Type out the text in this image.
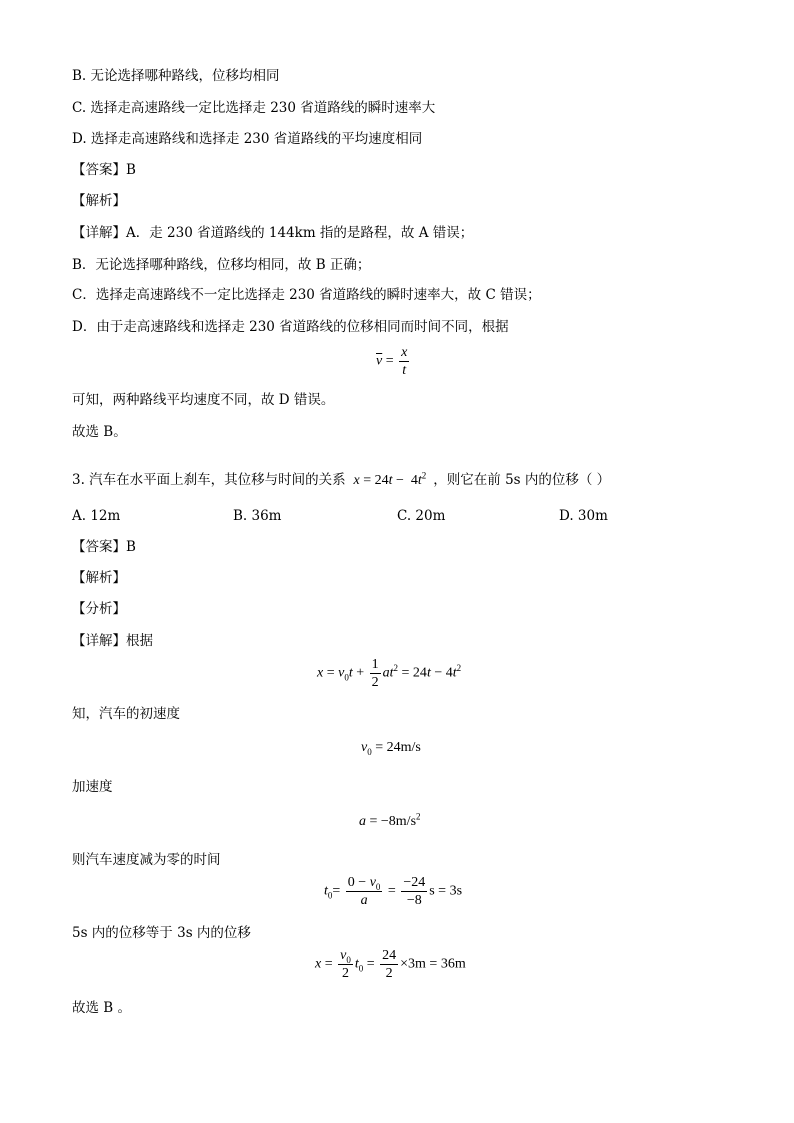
B. 无论选择哪种路线，位移均相同
C. 选择走高速路线一定比选择走 230 省道路线的瞬时速率大
D. 选择走高速路线和选择走 230 省道路线的平均速度相同
【答案】B
【解析】
【详解】A．走 230 省道路线的 144km 指的是路程，故 A 错误；
B．无论选择哪种路线，位移均相同，故 B 正确；
C．选择走高速路线不一定比选择走 230 省道路线的瞬时速率大，故 C 错误；
D．由于走高速路线和选择走 230 省道路线的位移相同而时间不同，根据
$\overline{v} = \frac{x}{t}$
可知，两种路线平均速度不同，故 D 错误。
故选 B。
3. 汽车在水平面上刹车，其位移与时间的关系 $x = 24t - 4t^2$ ，则它在前 5s 内的位移（ ）
A. 12m	B. 36m	C. 20m	D. 30m
【答案】B
【解析】
【分析】
【详解】根据
$x = v_0t + \frac{1}{2} at^2 = 24t - 4t^2$
知，汽车的初速度
$v_0 = 24m/s$
加速度
$a = -8m/s^2$
则汽车速度减为零的时间
$t_0= \frac{0 - v_0}{a} = \frac{-24}{-8}$ s = 3s
5s 内的位移等于 3s 内的位移
$x = \frac{v_0}{2} t_0 = \frac{24}{2} \times 3m = 36m$
故选 B 。
